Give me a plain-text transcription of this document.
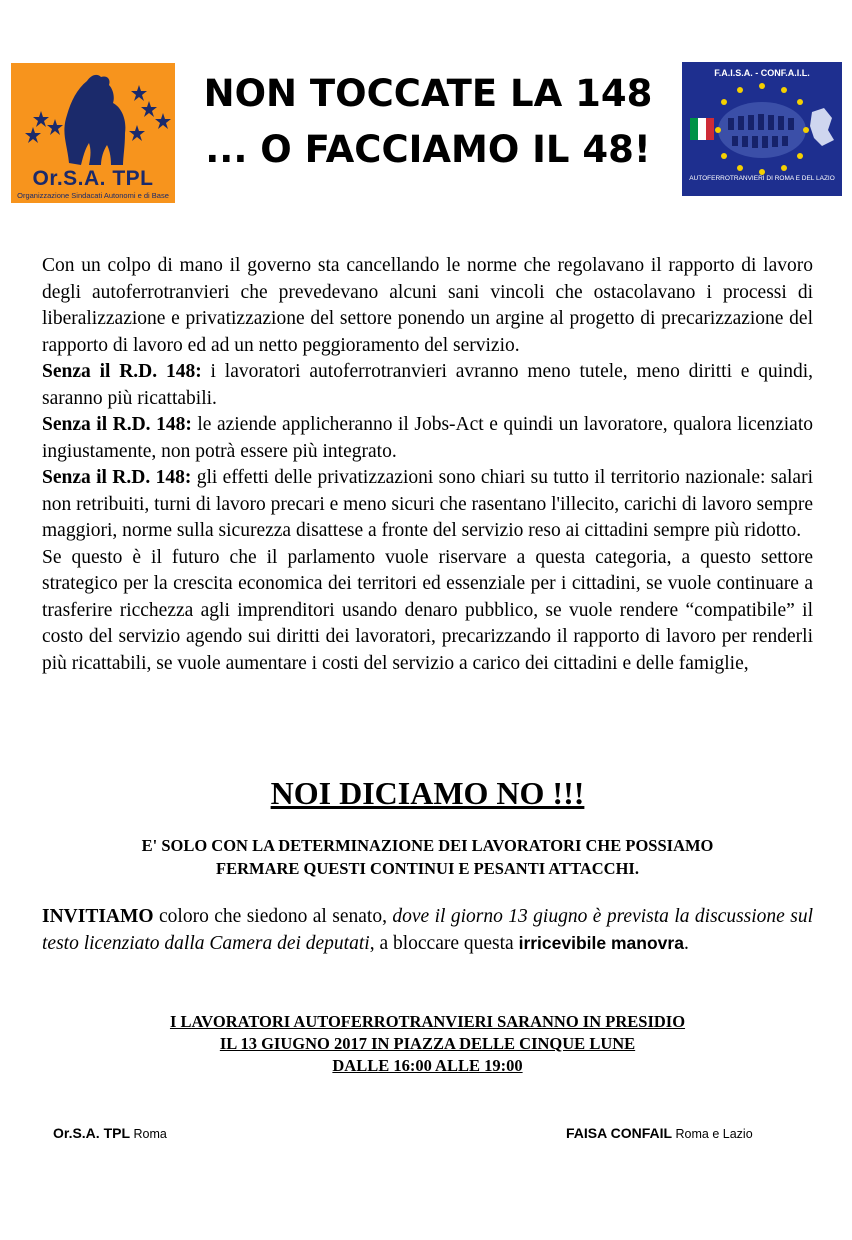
Or.S.A. TPL
Organizzazione Sindacati Autonomi e di Base
NON TOCCATE LA 148
... O FACCIAMO IL 48!
F.A.I.S.A. - CONF.A.I.L.
AUTOFERROTRANVIERI DI ROMA E DEL LAZIO

Con un colpo di mano il governo sta cancellando le norme che regolavano il rapporto di lavoro degli autoferrotranvieri che prevedevano alcuni sani vincoli che ostacolavano i processi di liberalizzazione e privatizzazione del settore ponendo un argine al progetto di precarizzazione del rapporto di lavoro ed ad un netto peggioramento del servizio.

Senza il R.D. 148: i lavoratori autoferrotranvieri avranno meno tutele, meno diritti e quindi, saranno più ricattabili.

Senza il R.D. 148: le aziende applicheranno il Jobs-Act e quindi un lavoratore, qualora licenziato ingiustamente, non potrà essere più integrato.

Senza il R.D. 148: gli effetti delle privatizzazioni sono chiari su tutto il territorio nazionale: salari non retribuiti, turni di lavoro precari e meno sicuri che rasentano l'illecito, carichi di lavoro sempre maggiori, norme sulla sicurezza disattese a fronte del servizio reso ai cittadini sempre più ridotto.

Se questo è il futuro che il parlamento vuole riservare a questa categoria, a questo settore strategico per la crescita economica dei territori ed essenziale per i cittadini, se vuole continuare a trasferire ricchezza agli imprenditori usando denaro pubblico, se vuole rendere “compatibile” il costo del servizio agendo sui diritti dei lavoratori, precarizzando il rapporto di lavoro per renderli più ricattabili, se vuole aumentare i costi del servizio a carico dei cittadini e delle famiglie,

NOI DICIAMO NO !!!
E' SOLO CON LA DETERMINAZIONE DEI LAVORATORI CHE POSSIAMO
FERMARE QUESTI CONTINUI E PESANTI ATTACCHI.
INVITIAMO coloro che siedono al senato, dove il giorno 13 giugno è prevista la discussione sul testo licenziato dalla Camera dei deputati, a bloccare questa irricevibile manovra.
I LAVORATORI AUTOFERROTRANVIERI SARANNO IN PRESIDIO
IL 13 GIUGNO 2017 IN PIAZZA DELLE CINQUE LUNE
DALLE 16:00 ALLE 19:00
Or.S.A. TPL Roma	FAISA CONFAIL Roma e Lazio
